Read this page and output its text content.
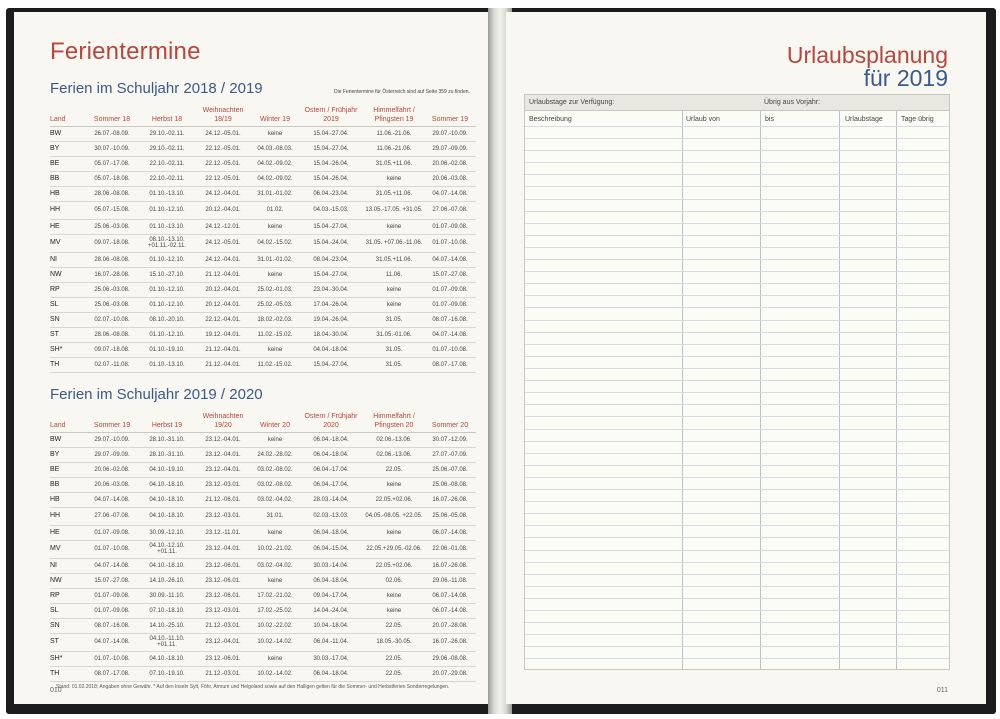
Ferientermine
Die Ferientermine für Österreich sind auf Seite 359 zu finden.
Ferien im Schuljahr 2018 / 2019
Land	Sommer 18	Herbst 18	Weihnachten 18/19	Winter 19	Ostern / Frühjahr 2019	Himmelfahrt / Pfingsten 19	Sommer 19
BW	26.07.-08.09.	29.10.-02.11.	24.12.-05.01.	keine	15.04.-27.04.	11.06.-21.06.	29.07.-10.09.
BY	30.07.-10.09.	29.10.-02.11.	22.12.-05.01.	04.03.-08.03.	15.04.-27.04.	11.06.-21.06.	29.07.-09.09.
BE	05.07.-17.08.	22.10.-02.11.	22.12.-05.01.	04.02.-09.02.	15.04.-26.04.	31.05.+11.06.	20.06.-02.08.
BB	05.07.-18.08.	22.10.-02.11.	22.12.-05.01.	04.02.-09.02.	15.04.-26.04.	keine	20.06.-03.08.
HB	28.06.-08.08.	01.10.-13.10.	24.12.-04.01.	31.01.-01.02.	06.04.-23.04.	31.05.+11.06.	04.07.-14.08.
HH	05.07.-15.08.	01.10.-12.10.	20.12.-04.01.	01.02.	04.03.-15.03.	13.05.-17.05. +31.05.	27.06.-07.08.
HE	25.06.-03.08.	01.10.-13.10.	24.12.-12.01.	keine	15.04.-27.04.	keine	01.07.-09.08.
MV	09.07.-18.08.	08.10.-13.10. +01.11.-02.11.	24.12.-05.01.	04.02.-15.02.	15.04.-24.04.	31.05. +07.06.-11.06.	01.07.-10.08.
NI	28.06.-08.08.	01.10.-12.10.	24.12.-04.01.	31.01.-01.02.	08.04.-23.04.	31.05.+11.06.	04.07.-14.08.
NW	16.07.-28.08.	15.10.-27.10.	21.12.-04.01.	keine	15.04.-27.04.	11.06.	15.07.-27.08.
RP	25.06.-03.08.	01.10.-12.10.	20.12.-04.01.	25.02.-01.03.	23.04.-30.04.	keine	01.07.-09.08.
SL	25.06.-03.08.	01.10.-12.10.	20.12.-04.01.	25.02.-05.03.	17.04.-26.04.	keine	01.07.-09.08.
SN	02.07.-10.08.	08.10.-20.10.	22.12.-04.01.	18.02.-02.03.	19.04.-26.04.	31.05.	08.07.-16.08.
ST	28.06.-08.08.	01.10.-12.10.	19.12.-04.01.	11.02.-15.02.	18.04.-30.04.	31.05.-01.06.	04.07.-14.08.
SH*	09.07.-18.08.	01.10.-19.10.	21.12.-04.01.	keine	04.04.-18.04.	31.05.	01.07.-10.08.
TH	02.07.-11.08.	01.10.-13.10.	21.12.-04.01.	11.02.-15.02.	15.04.-27.04.	31.05.	08.07.-17.08.
Ferien im Schuljahr 2019 / 2020
Land	Sommer 19	Herbst 19	Weihnachten 19/20	Winter 20	Ostern / Frühjahr 2020	Himmelfahrt / Pfingsten 20	Sommer 20
BW	29.07.-10.09.	28.10.-31.10.	23.12.-04.01.	keine	06.04.-18.04.	02.06.-13.06.	30.07.-12.09.
BY	29.07.-09.09.	28.10.-31.10.	23.12.-04.01.	24.02.-28.02.	06.04.-18.04.	02.06.-13.06.	27.07.-07.09.
BE	20.06.-02.08.	04.10.-19.10.	23.12.-04.01.	03.02.-08.02.	06.04.-17.04.	22.05.	25.06.-07.08.
BB	20.06.-03.08.	04.10.-18.10.	23.12.-03.01.	03.02.-08.02.	06.04.-17.04.	keine	25.06.-08.08.
HB	04.07.-14.08.	04.10.-18.10.	21.12.-06.01.	03.02.-04.02.	28.03.-14.04.	22.05.+02.06.	16.07.-26.08.
HH	27.06.-07.08.	04.10.-18.10.	23.12.-03.01.	31.01.	02.03.-13.03.	04.05.-08.05. +22.05.	25.06.-05.08.
HE	01.07.-09.08.	30.09.-12.10.	23.12.-11.01.	keine	06.04.-18.04.	keine	06.07.-14.08.
MV	01.07.-10.08.	04.10.-12.10. +01.11.	23.12.-04.01.	10.02.-21.02.	06.04.-15.04.	22.05.+29.05.-02.06.	22.06.-01.08.
NI	04.07.-14.08.	04.10.-18.10.	23.12.-06.01.	03.02.-04.02.	30.03.-14.04.	22.05.+02.06.	16.07.-26.08.
NW	15.07.-27.08.	14.10.-26.10.	23.12.-06.01.	keine	06.04.-18.04.	02.06.	29.06.-11.08.
RP	01.07.-09.08.	30.09.-11.10.	23.12.-06.01.	17.02.-21.02.	09.04.-17.04.	keine	06.07.-14.08.
SL	01.07.-09.08.	07.10.-18.10.	23.12.-03.01.	17.02.-25.02.	14.04.-24.04.	keine	06.07.-14.08.
SN	08.07.-16.08.	14.10.-25.10.	21.12.-03.01.	10.02.-22.02.	10.04.-18.04.	22.05.	20.07.-28.08.
ST	04.07.-14.08.	04.10.-11.10. +01.11.	23.12.-04.01.	10.02.-14.02.	06.04.-11.04.	18.05.-30.05.	16.07.-26.08.
SH*	01.07.-10.08.	04.10.-18.10.	23.12.-06.01.	keine	30.03.-17.04.	22.05.	29.06.-08.08.
TH	08.07.-17.08.	07.10.-19.10.	21.12.-03.01.	10.02.-14.02.	06.04.-18.04.	22.05.	20.07.-29.08.
010
Stand: 01.02.2018; Angaben ohne Gewähr. * Auf den Inseln Sylt, Föhr, Amrum und Helgoland sowie auf den Halligen gelten für die Sommer- und Herbstferien Sonderregelungen.
Urlaubsplanung
für 2019
Urlaubstage zur Verfügung:	Übrig aus Vorjahr:
Beschreibung	Urlaub von	bis	Urlaubstage	Tage übrig
011
